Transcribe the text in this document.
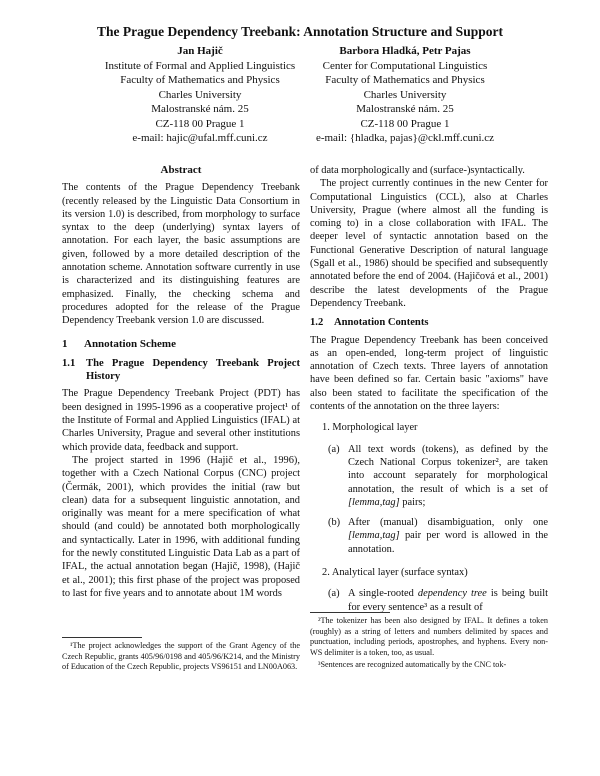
The Prague Dependency Treebank: Annotation Structure and Support
Jan Hajič
Institute of Formal and Applied Linguistics
Faculty of Mathematics and Physics
Charles University
Malostranské nám. 25
CZ-118 00 Prague 1
e-mail: hajic@ufal.mff.cuni.cz
Barbora Hladká, Petr Pajas
Center for Computational Linguistics
Faculty of Mathematics and Physics
Charles University
Malostranské nám. 25
CZ-118 00 Prague 1
e-mail: {hladka, pajas}@ckl.mff.cuni.cz
Abstract

The contents of the Prague Dependency Treebank (recently released by the Linguistic Data Consortium in its version 1.0) is described, from morphology to surface syntax to the deep (underlying) syntax layers of annotation. For each layer, the basic assumptions are given, followed by a more detailed description of the annotation scheme. Annotation software currently in use is characterized and its distinguishing features are emphasized. Finally, the checking schema and procedures adopted for the release of the Prague Dependency Treebank version 1.0 are discussed.

1 Annotation Scheme
1.1	The Prague Dependency Treebank Project History

The Prague Dependency Treebank Project (PDT) has been designed in 1995-1996 as a cooperative project¹ of the Institute of Formal and Applied Linguistics (IFAL) at Charles University, Prague and several other institutions which provide data, feedback and support.

The project started in 1996 (Hajič et al., 1996), together with a Czech National Corpus (CNC) project (Čermák, 2001), which provides the initial (raw but clean) data for a subsequent linguistic annotation, and originally was meant for a mere specification of what should (and could) be annotated both morphologically and syntactically. Later in 1996, with additional funding for the newly constituted Linguistic Data Lab as a part of IFAL, the actual annotation began (Hajič, 1998), (Hajič et al., 2001); this first phase of the project was proposed to last for five years and to annotate about 1M words

¹The project acknowledges the support of the Grant Agency of the Czech Republic, grants 405/96/0198 and 405/96/K214, and the Ministry of Education of the Czech Republic, projects VS96151 and LN00A063.

of data morphologically and (surface-)syntactically.

The project currently continues in the new Center for Computational Linguistics (CCL), also at Charles University, Prague (where almost all the funding is coming to) in a close collaboration with IFAL. The deeper level of syntactic annotation based on the Functional Generative Description of natural language (Sgall et al., 1986) should be specified and subsequently annotated before the end of 2004. (Hajičová et al., 2001) describe the latest developments of the Prague Dependency Treebank.

1.2	Annotation Contents

The Prague Dependency Treebank has been conceived as an open-ended, long-term project of linguistic annotation of Czech texts. Three layers of annotation have been defined so far. Certain basic "axioms" have also been stated to facilitate the specification of the contents of the annotation on the three layers:

1. Morphological layer
(a) All text words (tokens), as defined by the Czech National Corpus tokenizer², are taken into account separately for morphological annotation, the result of which is a set of [lemma,tag] pairs;
(b) After (manual) disambiguation, only one [lemma,tag] pair per word is allowed in the annotation.
2. Analytical layer (surface syntax)
(a) A single-rooted dependency tree is being built for every sentence³ as a result of

²The tokenizer has been also designed by IFAL. It defines a token (roughly) as a string of letters and numbers delimited by spaces and punctuation, including periods, apostrophes, and hyphens. Every non-WS delimiter is a token, too, as usual.

³Sentences are recognized automatically by the CNC tok-
